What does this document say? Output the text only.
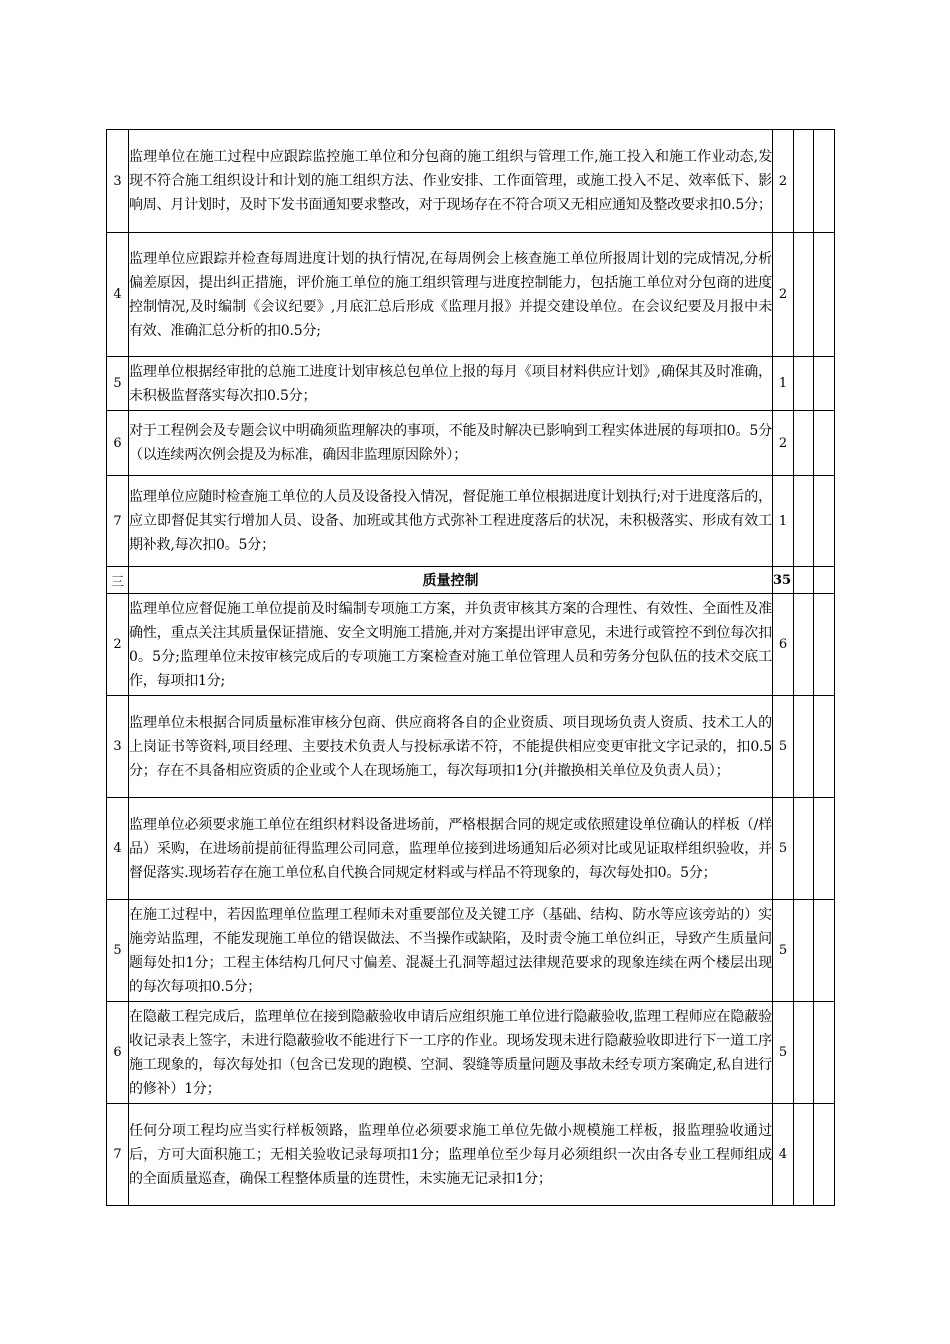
3	监理单位在施工过程中应跟踪监控施工单位和分包商的施工组织与管理工作,施工投入和施工作业动态,发现不符合施工组织设计和计划的施工组织方法、作业安排、工作面管理，或施工投入不足、效率低下、影响周、月计划时，及时下发书面通知要求整改，对于现场存在不符合项又无相应通知及整改要求扣0.5分；	2		
4	监理单位应跟踪并检查每周进度计划的执行情况,在每周例会上核查施工单位所报周计划的完成情况,分析偏差原因，提出纠正措施，评价施工单位的施工组织管理与进度控制能力，包括施工单位对分包商的进度控制情况,及时编制《会议纪要》,月底汇总后形成《监理月报》并提交建设单位。在会议纪要及月报中未有效、准确汇总分析的扣0.5分;	2		
5	监理单位根据经审批的总施工进度计划审核总包单位上报的每月《项目材料供应计划》,确保其及时准确，未积极监督落实每次扣0.5分；	1		
6	对于工程例会及专题会议中明确须监理解决的事项，不能及时解决已影响到工程实体进展的每项扣0。5分（以连续两次例会提及为标准，确因非监理原因除外）；	2		
7	监理单位应随时检查施工单位的人员及设备投入情况，督促施工单位根据进度计划执行;对于进度落后的，应立即督促其实行增加人员、设备、加班或其他方式弥补工程进度落后的状况，未积极落实、形成有效工期补救,每次扣0。5分；	1		
三	质量控制	35		
2	监理单位应督促施工单位提前及时编制专项施工方案，并负责审核其方案的合理性、有效性、全面性及准确性，重点关注其质量保证措施、安全文明施工措施,并对方案提出评审意见，未进行或管控不到位每次扣0。5分;监理单位未按审核完成后的专项施工方案检查对施工单位管理人员和劳务分包队伍的技术交底工作，每项扣1分;	6		
3	监理单位未根据合同质量标准审核分包商、供应商将各自的企业资质、项目现场负责人资质、技术工人的上岗证书等资料,项目经理、主要技术负责人与投标承诺不符，不能提供相应变更审批文字记录的，扣0.5分；存在不具备相应资质的企业或个人在现场施工，每次每项扣1分(并撤换相关单位及负责人员）；	5		
4	监理单位必须要求施工单位在组织材料设备进场前，严格根据合同的规定或依照建设单位确认的样板（/样品）采购，在进场前提前征得监理公司同意，监理单位接到进场通知后必须对比或见证取样组织验收，并督促落实.现场若存在施工单位私自代换合同规定材料或与样品不符现象的，每次每处扣0。5分；	5		
5	在施工过程中，若因监理单位监理工程师未对重要部位及关键工序（基础、结构、防水等应该旁站的）实施旁站监理，不能发现施工单位的错误做法、不当操作或缺陷，及时责令施工单位纠正，导致产生质量问题每处扣1分；工程主体结构几何尺寸偏差、混凝土孔洞等超过法律规范要求的现象连续在两个楼层出现的每次每项扣0.5分；	5		
6	在隐蔽工程完成后，监理单位在接到隐蔽验收申请后应组织施工单位进行隐蔽验收,监理工程师应在隐蔽验收记录表上签字，未进行隐蔽验收不能进行下一工序的作业。现场发现未进行隐蔽验收即进行下一道工序施工现象的，每次每处扣（包含已发现的跑模、空洞、裂缝等质量问题及事故未经专项方案确定,私自进行的修补）1分；	5		
7	任何分项工程均应当实行样板领路，监理单位必须要求施工单位先做小规模施工样板，报监理验收通过后，方可大面积施工；无相关验收记录每项扣1分；监理单位至少每月必须组织一次由各专业工程师组成的全面质量巡查，确保工程整体质量的连贯性，未实施无记录扣1分；	4		
